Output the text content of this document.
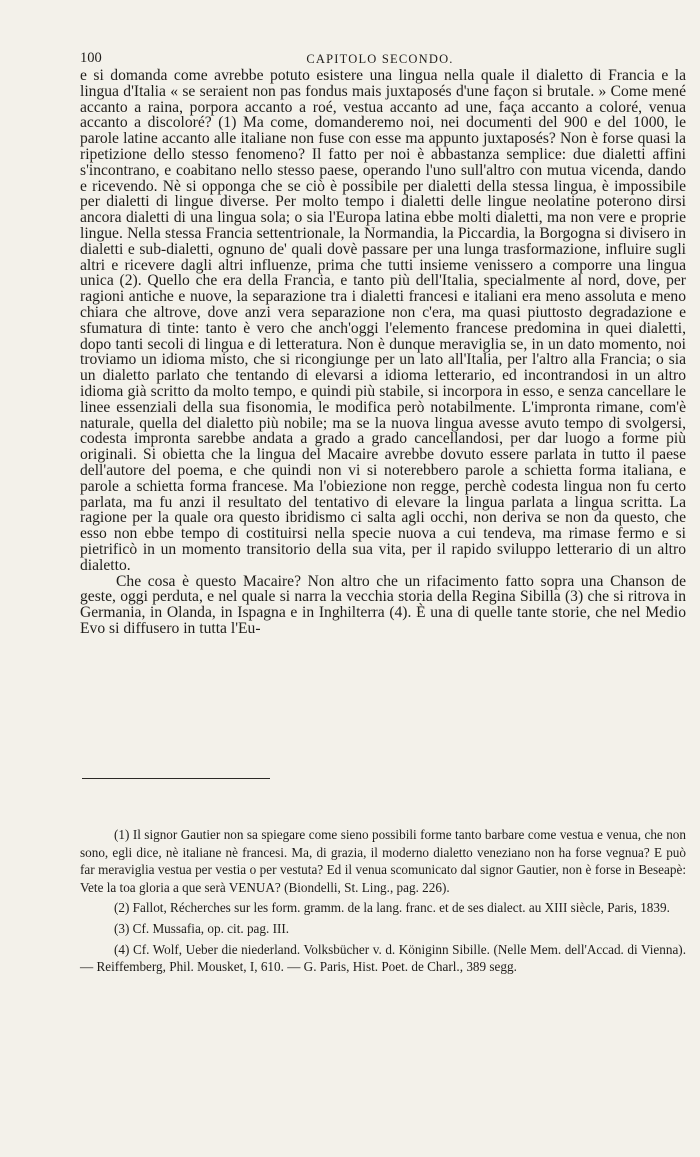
100	CAPITOLO SECONDO.

e si domanda come avrebbe potuto esistere una lingua nella quale il dialetto di Francia e la lingua d'Italia « se seraient non pas fondus mais juxtaposés d'une façon si brutale. » Come mené accanto a raina, porpora accanto a roé, vestua accanto ad une, faça accanto a coloré, venua accanto a discoloré? (1) Ma come, domanderemo noi, nei documenti del 900 e del 1000, le parole latine accanto alle italiane non fuse con esse ma appunto juxtaposés? Non è forse quasi la ripetizione dello stesso fenomeno? Il fatto per noi è abbastanza semplice: due dialetti affini s'incontrano, e coabitano nello stesso paese, operando l'uno sull'altro con mutua vicenda, dando e ricevendo. Nè si opponga che se ciò è possibile per dialetti della stessa lingua, è impossibile per dialetti di lingue diverse. Per molto tempo i dialetti delle lingue neolatine poterono dirsi ancora dialetti di una lingua sola; o sia l'Europa latina ebbe molti dialetti, ma non vere e proprie lingue. Nella stessa Francia settentrionale, la Normandia, la Piccardia, la Borgogna si divisero in dialetti e sub-dialetti, ognuno de' quali dovè passare per una lunga trasformazione, influire sugli altri e ricevere dagli altri influenze, prima che tutti insieme venissero a comporre una lingua unica (2). Quello che era della Francia, e tanto più dell'Italia, specialmente al nord, dove, per ragioni antiche e nuove, la separazione tra i dialetti francesi e italiani era meno assoluta e meno chiara che altrove, dove anzi vera separazione non c'era, ma quasi piuttosto degradazione e sfumatura di tinte: tanto è vero che anch'oggi l'elemento francese predomina in quei dialetti, dopo tanti secoli di lingua e di letteratura. Non è dunque meraviglia se, in un dato momento, noi troviamo un idioma misto, che si ricongiunge per un lato all'Italia, per l'altro alla Francia; o sia un dialetto parlato che tentando di elevarsi a idioma letterario, ed incontrandosi in un altro idioma già scritto da molto tempo, e quindi più stabile, si incorpora in esso, e senza cancellare le linee essenziali della sua fisonomia, le modifica però notabilmente. L'impronta rimane, com'è naturale, quella del dialetto più nobile; ma se la nuova lingua avesse avuto tempo di svolgersi, codesta impronta sarebbe andata a grado a grado cancellandosi, per dar luogo a forme più originali. Si obietta che la lingua del Macaire avrebbe dovuto essere parlata in tutto il paese dell'autore del poema, e che quindi non vi si noterebbero parole a schietta forma italiana, e parole a schietta forma francese. Ma l'obiezione non regge, perchè codesta lingua non fu certo parlata, ma fu anzi il resultato del tentativo di elevare la lingua parlata a lingua scritta. La ragione per la quale ora questo ibridismo ci salta agli occhi, non deriva se non da questo, che esso non ebbe tempo di costituirsi nella specie nuova a cui tendeva, ma rimase fermo e si pietrificò in un momento transitorio della sua vita, per il rapido sviluppo letterario di un altro dialetto.

Che cosa è questo Macaire? Non altro che un rifacimento fatto sopra una Chanson de geste, oggi perduta, e nel quale si narra la vecchia storia della Regina Sibilla (3) che si ritrova in Germania, in Olanda, in Ispagna e in Inghilterra (4). È una di quelle tante storie, che nel Medio Evo si diffusero in tutta l'Eu-

(1) Il signor Gautier non sa spiegare come sieno possibili forme tanto barbare come vestua e venua, che non sono, egli dice, nè italiane nè francesi. Ma, di grazia, il moderno dialetto veneziano non ha forse vegnua? E può far meraviglia vestua per vestia o per vestuta? Ed il venua scomunicato dal signor Gautier, non è forse in Besеapè: Vete la toa gloria a que serà VENUA? (Biondelli, St. Ling., pag. 226).

(2) Fallot, Récherches sur les form. gramm. de la lang. franc. et de ses dialect. au XIII siècle, Paris, 1839.

(3) Cf. Mussafia, op. cit. pag. III.

(4) Cf. Wolf, Ueber die niederland. Volksbücher v. d. Königinn Sibille. (Nelle Mem. dell'Accad. di Vienna). — Reiffemberg, Phil. Mousket, I, 610. — G. Paris, Hist. Poet. de Charl., 389 segg.
